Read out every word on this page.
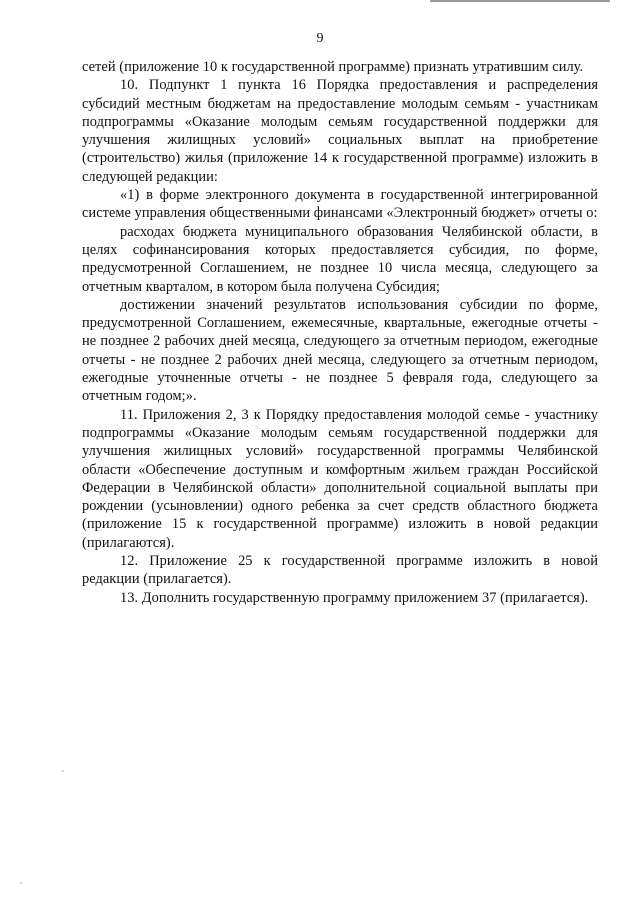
9

сетей (приложение 10 к государственной программе) признать утратившим силу.

10. Подпункт 1 пункта 16 Порядка предоставления и распределения субсидий местным бюджетам на предоставление молодым семьям - участникам подпрограммы «Оказание молодым семьям государственной поддержки для улучшения жилищных условий» социальных выплат на приобретение (строительство) жилья (приложение 14 к государственной программе) изложить в следующей редакции:

«1) в форме электронного документа в государственной интегрированной системе управления общественными финансами «Электронный бюджет» отчеты о:

расходах бюджета муниципального образования Челябинской области, в целях софинансирования которых предоставляется субсидия, по форме, предусмотренной Соглашением, не позднее 10 числа месяца, следующего за отчетным кварталом, в котором была получена Субсидия;

достижении значений результатов использования субсидии по форме, предусмотренной Соглашением, ежемесячные, квартальные, ежегодные отчеты - не позднее 2 рабочих дней месяца, следующего за отчетным периодом, ежегодные отчеты - не позднее 2 рабочих дней месяца, следующего за отчетным периодом, ежегодные уточненные отчеты - не позднее 5 февраля года, следующего за отчетным годом;».

11. Приложения 2, 3 к Порядку предоставления молодой семье - участнику подпрограммы «Оказание молодым семьям государственной поддержки для улучшения жилищных условий» государственной программы Челябинской области «Обеспечение доступным и комфортным жильем граждан Российской Федерации в Челябинской области» дополнительной социальной выплаты при рождении (усыновлении) одного ребенка за счет средств областного бюджета (приложение 15 к государственной программе) изложить в новой редакции (прилагаются).

12. Приложение 25 к государственной программе изложить в новой редакции (прилагается).

13. Дополнить государственную программу приложением 37 (прилагается).
